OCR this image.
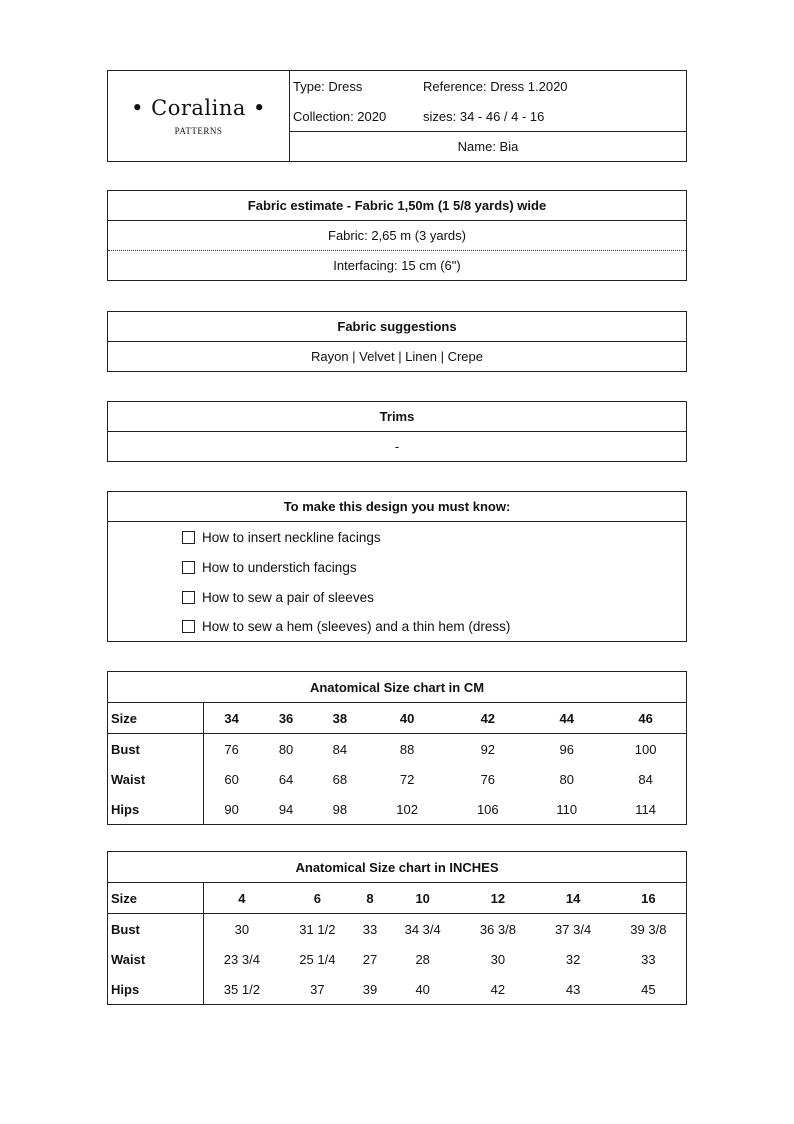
• Coralina •
PATTERNS
Type: Dress	Reference: Dress 1.2020
Collection: 2020	sizes: 34 - 46 / 4 - 16
Name: Bia
Fabric estimate - Fabric 1,50m (1 5/8 yards) wide
Fabric: 2,65 m (3 yards)
Interfacing: 15 cm (6")
Fabric suggestions
Rayon | Velvet | Linen | Crepe
Trims
-
To make this design you must know:
How to insert neckline facings
How to understich facings
How to sew a pair of sleeves
How to sew a hem (sleeves) and a thin hem (dress)
Anatomical Size chart in CM
Size	34	36	38	40	42	44	46
Bust	76	80	84	88	92	96	100
Waist	60	64	68	72	76	80	84
Hips	90	94	98	102	106	110	114
Anatomical Size chart in INCHES
Size	4	6	8	10	12	14	16
Bust	30	31 1/2	33	34 3/4	36 3/8	37 3/4	39 3/8
Waist	23 3/4	25 1/4	27	28	30	32	33
Hips	35 1/2	37	39	40	42	43	45
